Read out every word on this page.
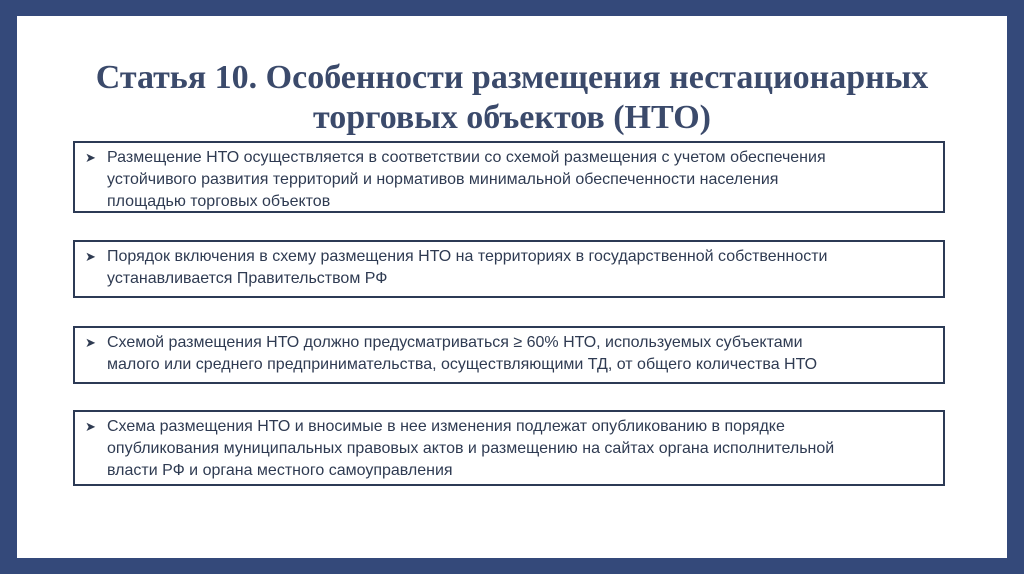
Статья 10. Особенности размещения нестационарных
торговых объектов (НТО)
➤ Размещение НТО осуществляется в соответствии со схемой размещения с учетом обеспечения
устойчивого развития территорий и нормативов минимальной обеспеченности населения
площадью торговых объектов
➤ Порядок включения в схему размещения НТО на территориях в государственной собственности
устанавливается Правительством РФ
➤ Схемой размещения НТО должно предусматриваться ≥ 60% НТО, используемых субъектами
малого или среднего предпринимательства, осуществляющими ТД, от общего количества НТО
➤ Схема размещения НТО и вносимые в нее изменения подлежат опубликованию в порядке
опубликования муниципальных правовых актов и размещению на сайтах органа исполнительной
власти РФ и органа местного самоуправления
